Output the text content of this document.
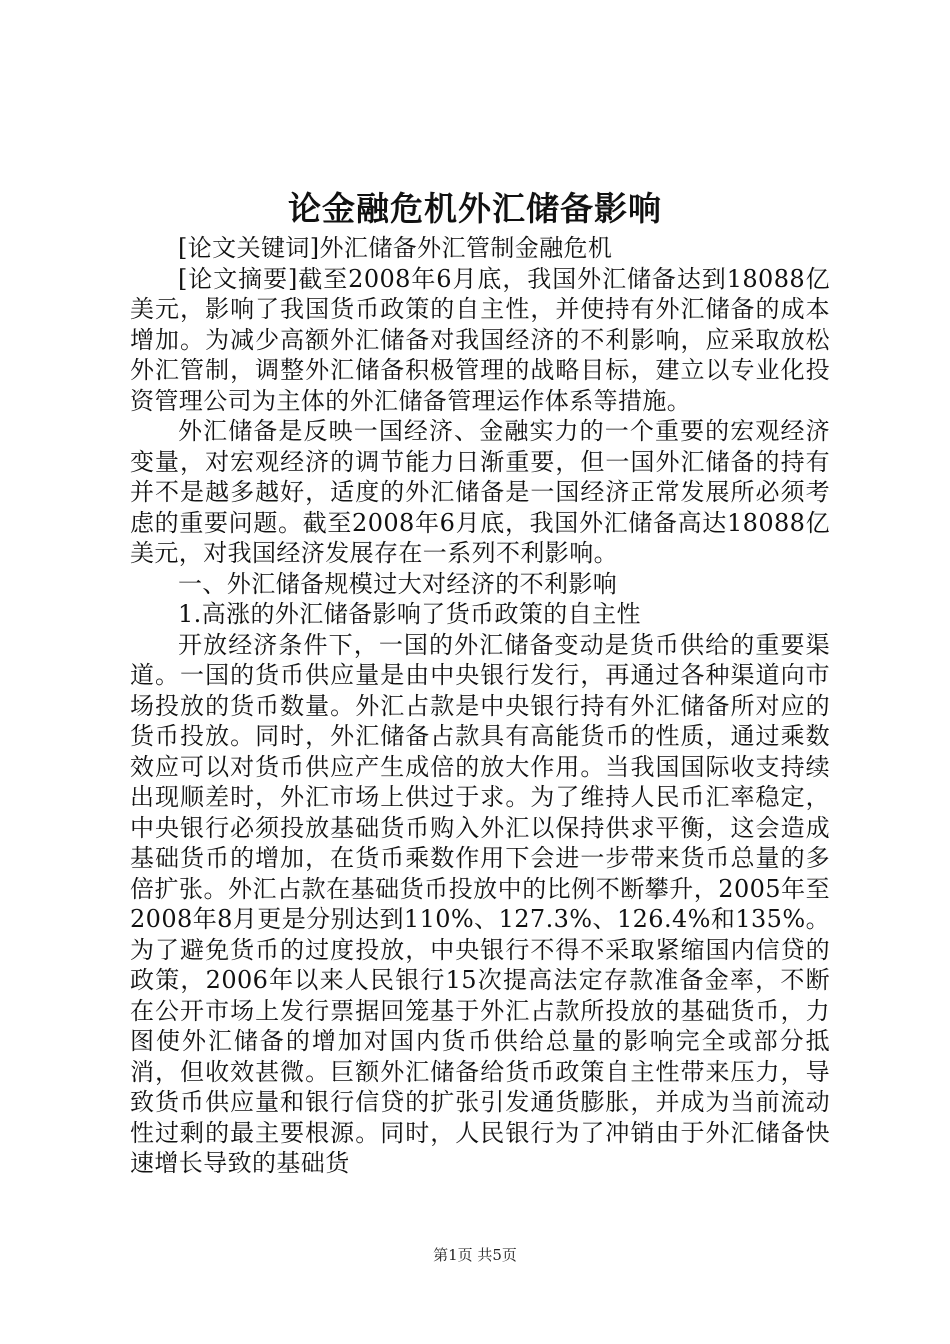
论金融危机外汇储备影响

[论文关键词]外汇储备外汇管制金融危机

[论文摘要]截至2008年6月底，我国外汇储备达到18088亿美元，影响了我国货币政策的自主性，并使持有外汇储备的成本增加。为减少高额外汇储备对我国经济的不利影响，应采取放松外汇管制，调整外汇储备积极管理的战略目标，建立以专业化投资管理公司为主体的外汇储备管理运作体系等措施。

外汇储备是反映一国经济、金融实力的一个重要的宏观经济变量，对宏观经济的调节能力日渐重要，但一国外汇储备的持有并不是越多越好，适度的外汇储备是一国经济正常发展所必须考虑的重要问题。截至2008年6月底，我国外汇储备高达18088亿美元，对我国经济发展存在一系列不利影响。

一、外汇储备规模过大对经济的不利影响

1.高涨的外汇储备影响了货币政策的自主性

开放经济条件下，一国的外汇储备变动是货币供给的重要渠道。一国的货币供应量是由中央银行发行，再通过各种渠道向市场投放的货币数量。外汇占款是中央银行持有外汇储备所对应的货币投放。同时，外汇储备占款具有高能货币的性质，通过乘数效应可以对货币供应产生成倍的放大作用。当我国国际收支持续出现顺差时，外汇市场上供过于求。为了维持人民币汇率稳定，中央银行必须投放基础货币购入外汇以保持供求平衡，这会造成基础货币的增加，在货币乘数作用下会进一步带来货币总量的多倍扩张。外汇占款在基础货币投放中的比例不断攀升，2005年至2008年8月更是分别达到110%、127.3%、126.4%和135%。为了避免货币的过度投放，中央银行不得不采取紧缩国内信贷的政策，2006年以来人民银行15次提高法定存款准备金率，不断在公开市场上发行票据回笼基于外汇占款所投放的基础货币，力图使外汇储备的增加对国内货币供给总量的影响完全或部分抵消，但收效甚微。巨额外汇储备给货币政策自主性带来压力，导致货币供应量和银行信贷的扩张引发通货膨胀，并成为当前流动性过剩的最主要根源。同时，人民银行为了冲销由于外汇储备快速增长导致的基础货

第1页 共5页
